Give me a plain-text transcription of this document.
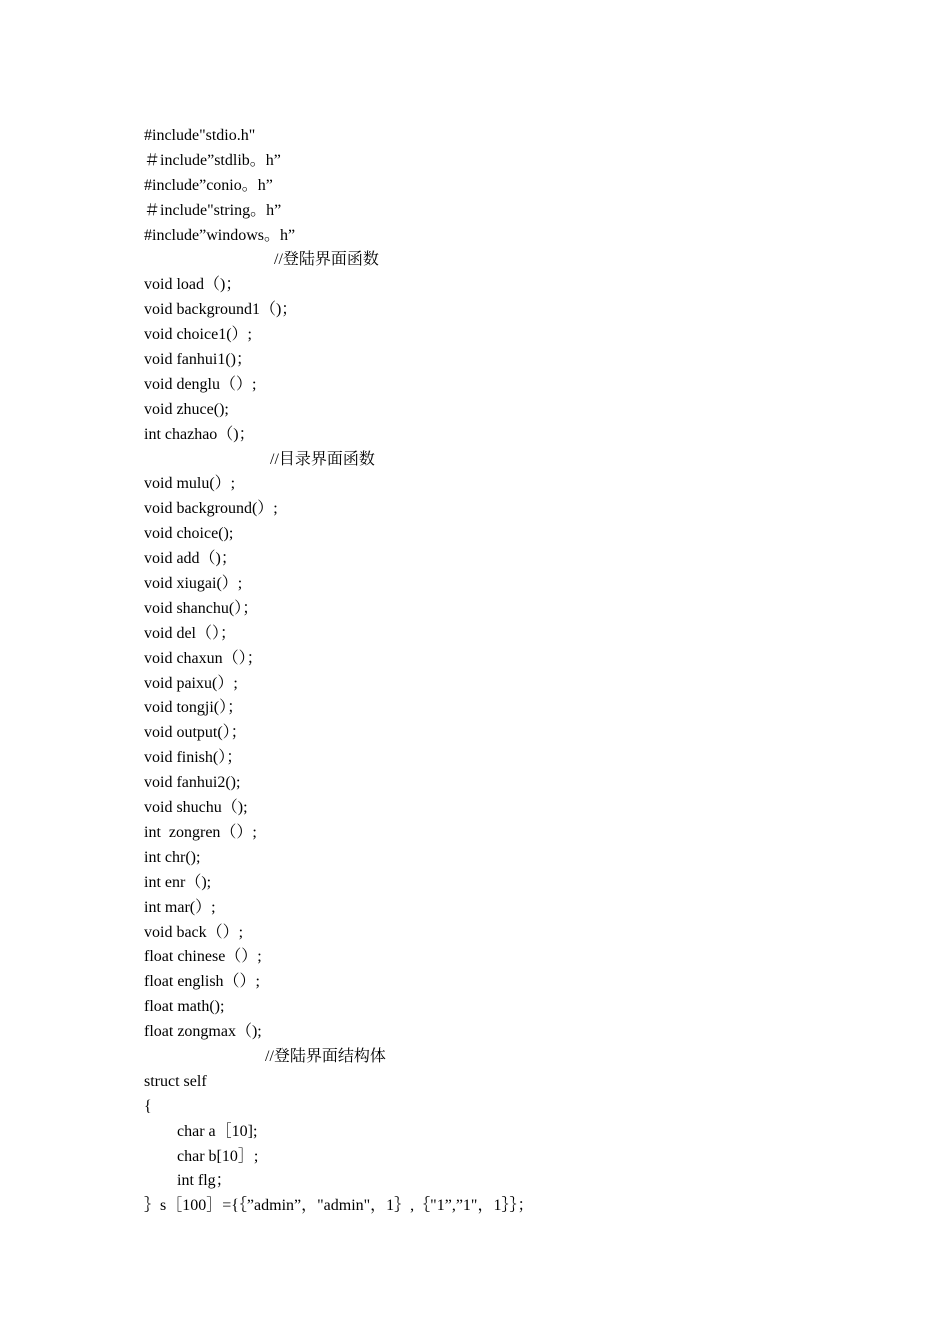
#include"stdio.h"
＃include”stdlib。h”
#include”conio。h”
＃include"string。h”
#include”windows。h”
//登陆界面函数
void load（)；
void background1（)；
void choice1(）;
void fanhui1()；
void denglu（）;
void zhuce();
int chazhao（)；
//目录界面函数
void mulu(）;
void background(）;
void choice();
void add（)；
void xiugai(）;
void shanchu(）；
void del（）；
void chaxun（）；
void paixu(）;
void tongji(）；
void output(）；
void finish(）；
void fanhui2();
void shuchu（);
int  zongren（）;
int chr();
int enr（);
int mar(）;
void back（）;
float chinese（）;
float english（）;
float math();
float zongmax（);
//登陆界面结构体
struct self
{
char a［10];
char b[10］;
int flg；
｝s［100］={｛”admin”，"admin"，1｝,｛"1”,”1"，1｝｝；
